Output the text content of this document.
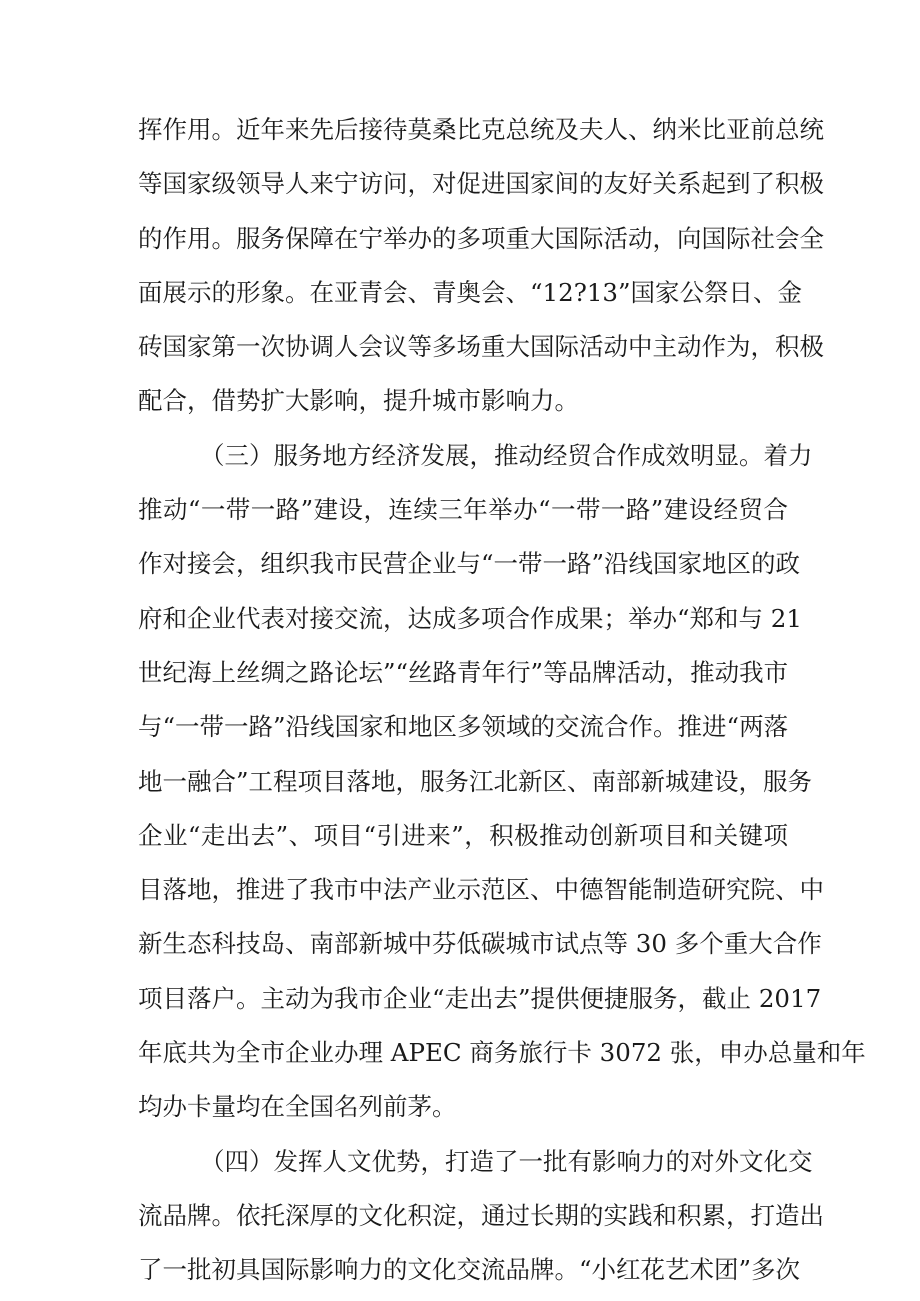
挥作用。近年来先后接待莫桑比克总统及夫人、纳米比亚前总统
等国家级领导人来宁访问，对促进国家间的友好关系起到了积极
的作用。服务保障在宁举办的多项重大国际活动，向国际社会全
面展示的形象。在亚青会、青奥会、“12?13”国家公祭日、金
砖国家第一次协调人会议等多场重大国际活动中主动作为，积极
配合，借势扩大影响，提升城市影响力。
（三）服务地方经济发展，推动经贸合作成效明显。着力
推动“一带一路”建设，连续三年举办“一带一路”建设经贸合
作对接会，组织我市民营企业与“一带一路”沿线国家地区的政
府和企业代表对接交流，达成多项合作成果；举办“郑和与 21
世纪海上丝绸之路论坛”“丝路青年行”等品牌活动，推动我市
与“一带一路”沿线国家和地区多领域的交流合作。推进“两落
地一融合”工程项目落地，服务江北新区、南部新城建设，服务
企业“走出去”、项目“引进来”，积极推动创新项目和关键项
目落地，推进了我市中法产业示范区、中德智能制造研究院、中
新生态科技岛、南部新城中芬低碳城市试点等 30 多个重大合作
项目落户。主动为我市企业“走出去”提供便捷服务，截止 2017
年底共为全市企业办理 APEC 商务旅行卡 3072 张，申办总量和年
均办卡量均在全国名列前茅。
（四）发挥人文优势，打造了一批有影响力的对外文化交
流品牌。依托深厚的文化积淀，通过长期的实践和积累，打造出
了一批初具国际影响力的文化交流品牌。“小红花艺术团”多次
